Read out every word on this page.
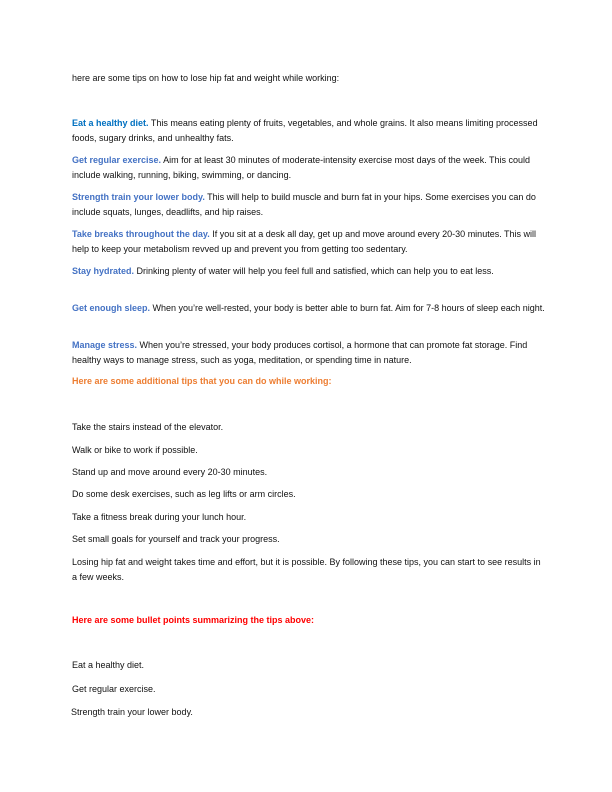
here are some tips on how to lose hip fat and weight while working:
Eat a healthy diet. This means eating plenty of fruits, vegetables, and whole grains. It also means limiting processed foods, sugary drinks, and unhealthy fats.
Get regular exercise. Aim for at least 30 minutes of moderate-intensity exercise most days of the week. This could include walking, running, biking, swimming, or dancing.
Strength train your lower body. This will help to build muscle and burn fat in your hips. Some exercises you can do include squats, lunges, deadlifts, and hip raises.
Take breaks throughout the day. If you sit at a desk all day, get up and move around every 20-30 minutes. This will help to keep your metabolism revved up and prevent you from getting too sedentary.
Stay hydrated. Drinking plenty of water will help you feel full and satisfied, which can help you to eat less.
Get enough sleep. When you’re well-rested, your body is better able to burn fat. Aim for 7-8 hours of sleep each night.
Manage stress. When you’re stressed, your body produces cortisol, a hormone that can promote fat storage. Find healthy ways to manage stress, such as yoga, meditation, or spending time in nature.
Here are some additional tips that you can do while working:
Take the stairs instead of the elevator.
Walk or bike to work if possible.
Stand up and move around every 20-30 minutes.
Do some desk exercises, such as leg lifts or arm circles.
Take a fitness break during your lunch hour.
Set small goals for yourself and track your progress.
Losing hip fat and weight takes time and effort, but it is possible. By following these tips, you can start to see results in a few weeks.
Here are some bullet points summarizing the tips above:
Eat a healthy diet.
Get regular exercise.
Strength train your lower body.
